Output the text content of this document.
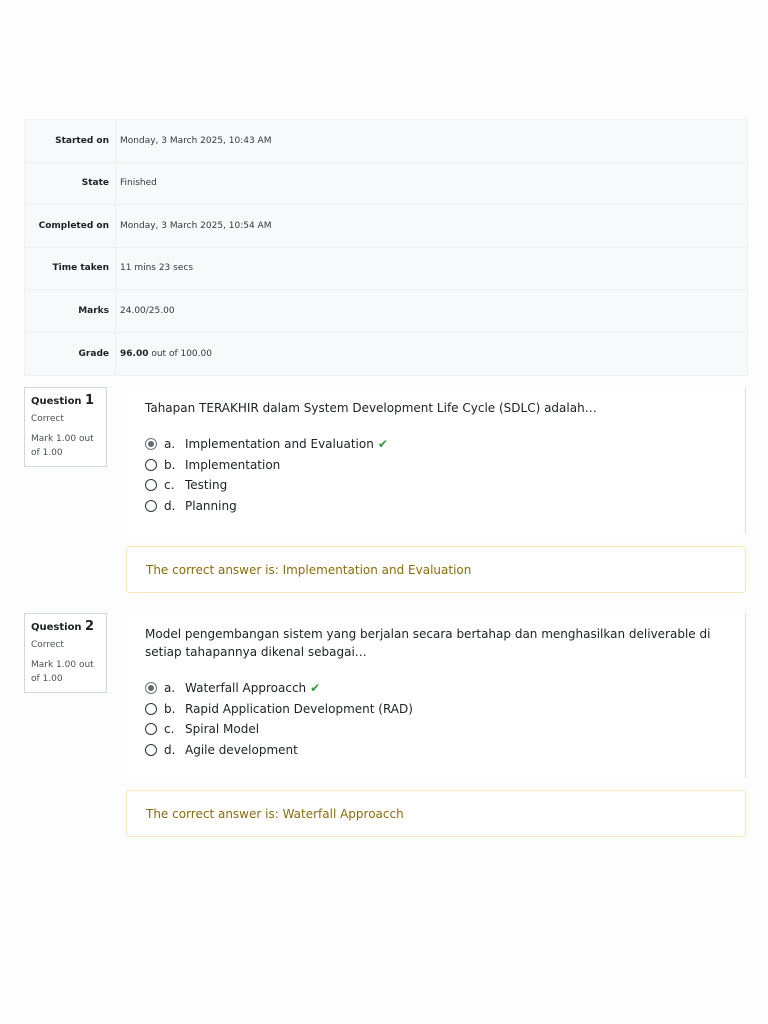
Started on	Monday, 3 March 2025, 10:43 AM
State	Finished
Completed on	Monday, 3 March 2025, 10:54 AM
Time taken	11 mins 23 secs
Marks	24.00/25.00
Grade	96.00 out of 100.00
Question 1
Correct
Mark 1.00 out of 1.00
Tahapan TERAKHIR dalam System Development Life Cycle (SDLC) adalah…
a. Implementation and Evaluation ✔
b. Implementation
c. Testing
d. Planning
The correct answer is: Implementation and Evaluation
Question 2
Correct
Mark 1.00 out of 1.00
Model pengembangan sistem yang berjalan secara bertahap dan menghasilkan deliverable di setiap tahapannya dikenal sebagai…
a. Waterfall Approacch ✔
b. Rapid Application Development (RAD)
c. Spiral Model
d. Agile development
The correct answer is: Waterfall Approacch
